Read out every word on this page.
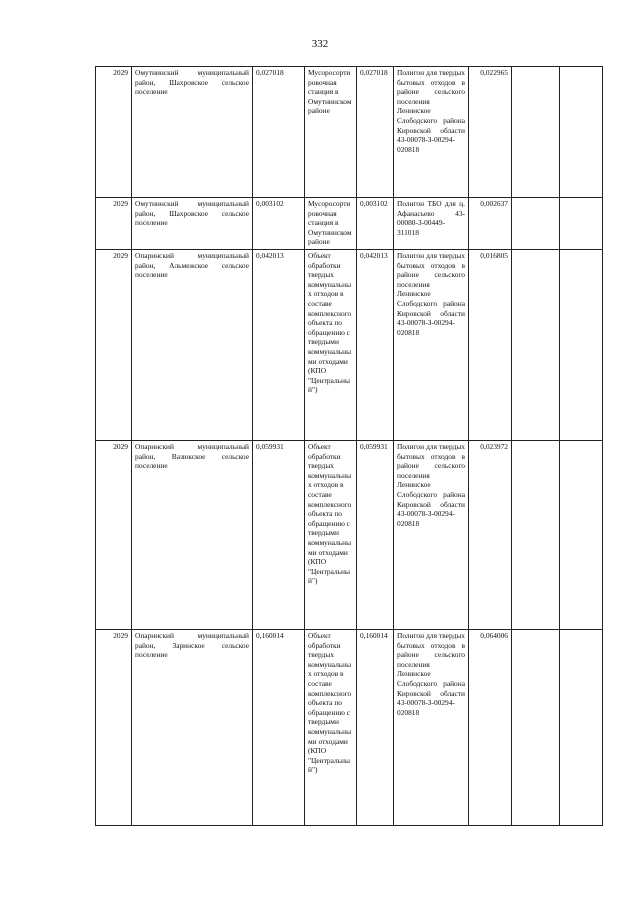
332
2029	Омутнинский муниципальный район, Шахровское сельское поселение	0,027018	Мусоросортировочная станция в Омутнинском районе	0,027018	Полигон для твердых бытовых отходов в районе сельского поселения Ленинское Слободского района Кировской области 43-00078-З-00294-020818	0,022965		
2029	Омутнинский муниципальный район, Шахровское сельское поселение	0,003102	Мусоросортировочная станция в Омутнинском районе	0,003102	Полигон ТБО для ц. Афанасьево 43-00080-З-00449-311018	0,002637		
2029	Опаринский муниципальный район, Альмежское сельское поселение	0,042013	Объект обработки твердых коммунальных отходов в составе комплексного объекта по обращению с твердыми коммунальными отходами (КПО "Центральный")	0,042013	Полигон для твердых бытовых отходов в районе сельского поселения Ленинское Слободского района Кировской области 43-00078-З-00294-020818	0,016805		
2029	Опаринский муниципальный район, Вазюкское сельское поселение	0,059931	Объект обработки твердых коммунальных отходов в составе комплексного объекта по обращению с твердыми коммунальными отходами (КПО "Центральный")	0,059931	Полигон для твердых бытовых отходов в районе сельского поселения Ленинское Слободского района Кировской области 43-00078-З-00294-020818	0,023972		
2029	Опаринский муниципальный район, Заринское сельское поселение	0,160014	Объект обработки твердых коммунальных отходов в составе комплексного объекта по обращению с твердыми коммунальными отходами (КПО "Центральный")	0,160014	Полигон для твердых бытовых отходов в районе сельского поселения Ленинское Слободского района Кировской области 43-00078-З-00294-020818	0,064006		
